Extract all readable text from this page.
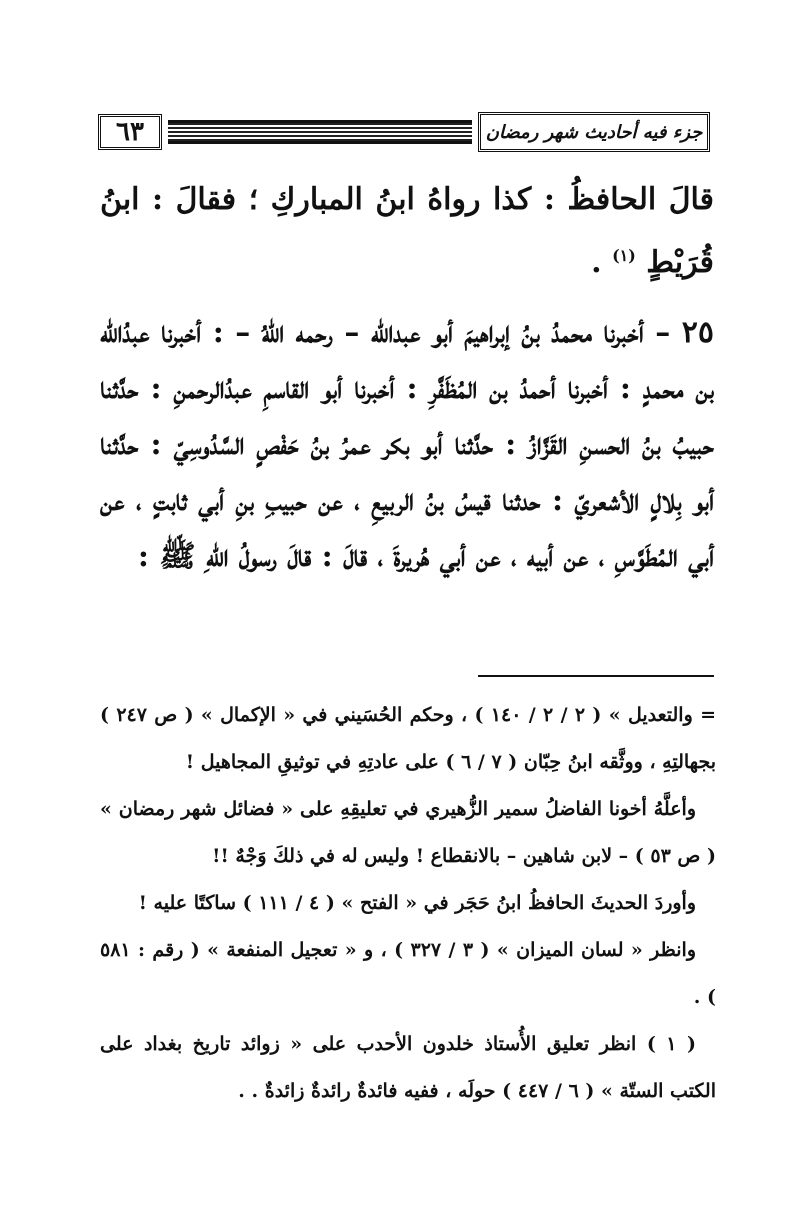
٦٣	جزء فيه أحاديث شهر رمضان

قالَ الحافظُ : كذا رواهُ ابنُ المباركِ ؛ فقالَ : ابنُ قُرَيْطٍ $^{(١)}$ .

٢٥ – أخبرنا محمدُ بنُ إبراهيمَ أبو عبدالله – رحمه اللهُ – : أخبرنا عبدُالله بن محمدٍ : أخبرنا أحمدُ بن المُظَفَّرِ : أخبرنا أبو القاسمِ عبدُالرحمنِ : حدَّثنا حبيبُ بنُ الحسنِ القَزَّازُ : حدَّثنا أبو بكر عمرُ بنُ حَفْصٍ السَّدُوسِيّ : حدَّثنا أبو بِلالٍ الأشعريّ : حدثنا قيسُ بنُ الربيعِ ، عن حبيبِ بنِ أبي ثابتٍ ، عن أبي المُطَوَّسِ ، عن أبيه ، عن أبي هُريرةَ ، قالَ : قالَ رسولُ اللهِ ﷺ :

= والتعديل » ( ٢ / ٢ / ١٤٠ ) ، وحكم الحُسَيني في « الإكمال » ( ص ٢٤٧ ) بجهالتِهِ ، ووثَّقه ابنُ حِبّان ( ٧ / ٦ ) على عادتِهِ في توثيقِ المجاهيل !

وأعلَّهُ أخونا الفاضلُ سمير الزُّهيري في تعليقِهِ على « فضائل شهر رمضان » ( ص ٥٣ ) – لابن شاهين – بالانقطاع ! وليس له في ذلكَ وَجْهٌ !!

وأوردَ الحديثَ الحافظُ ابنُ حَجَر في « الفتح » ( ٤ / ١١١ ) ساكتًا عليه !

وانظر « لسان الميزان » ( ٣ / ٣٢٧ ) ، و « تعجيل المنفعة » ( رقم : ٥٨١ ) .

( ١ ) انظر تعليق الأُستاذ خلدون الأحدب على « زوائد تاريخ بغداد على الكتب الستّة » ( ٦ / ٤٤٧ ) حولَه ، ففيه فائدةٌ رائدةٌ زائدةٌ . .
